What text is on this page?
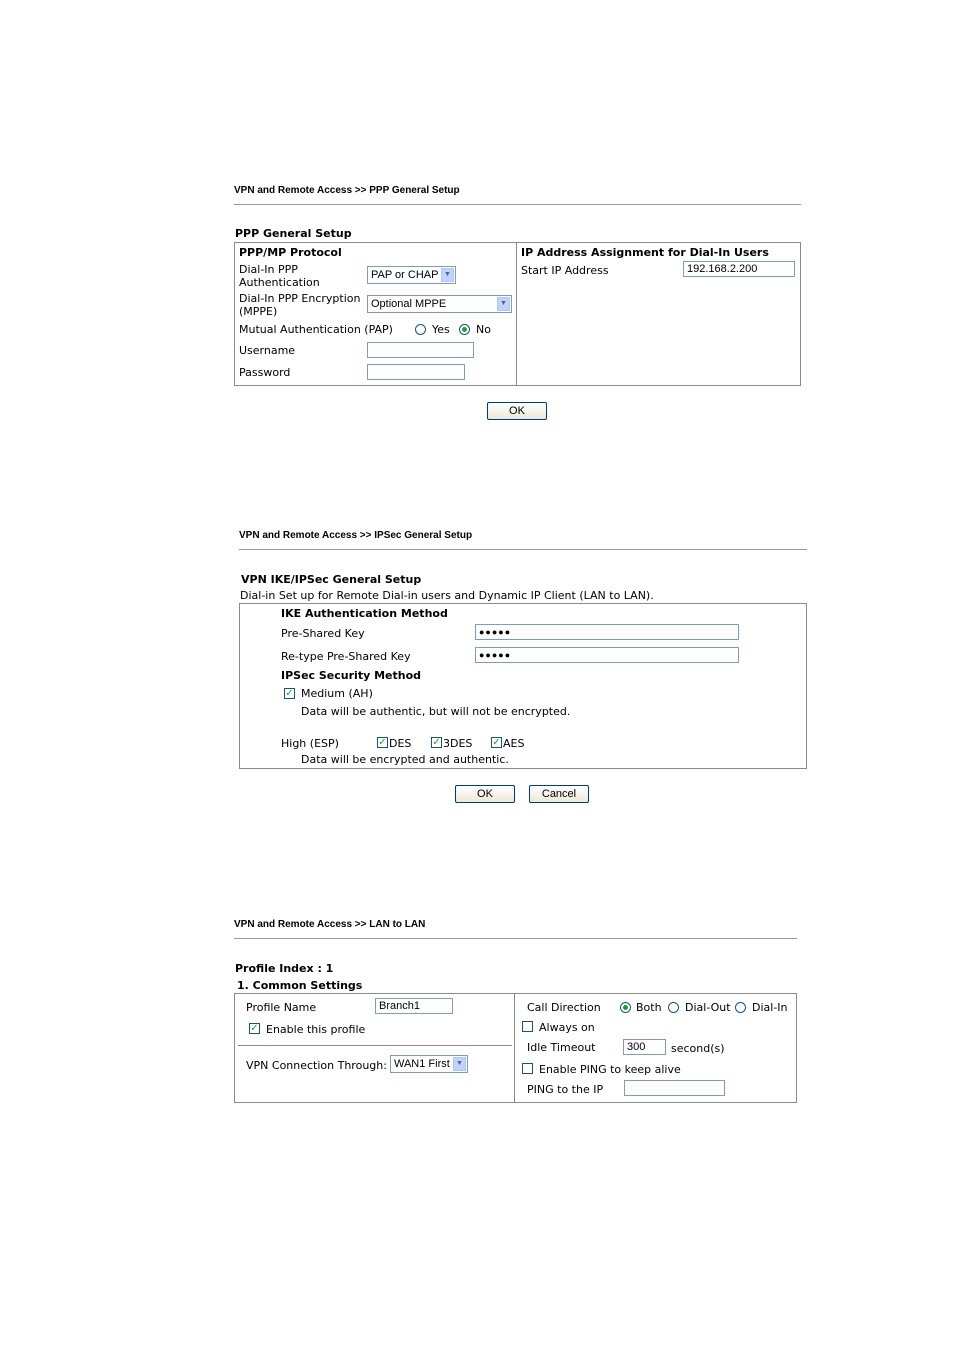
VPN and Remote Access >> PPP General Setup
PPP General Setup
PPP/MP Protocol
Dial-In PPP
Authentication
PAP or CHAP ▼
Dial-In PPP Encryption
(MPPE)
Optional MPPE	▼
Mutual Authentication (PAP)	Yes No
Username
Password
IP Address Assignment for Dial-In Users
Start IP Address	192.168.2.200
OK
VPN and Remote Access >> IPSec General Setup
VPN IKE/IPSec General Setup
Dial-in Set up for Remote Dial-in users and Dynamic IP Client (LAN to LAN).
IKE Authentication Method
Pre-Shared Key	●●●●●
Re-type Pre-Shared Key	●●●●●
IPSec Security Method
✓ Medium (AH)
Data will be authentic, but will not be encrypted.
High (ESP)	✓ DES ✓ 3DES ✓ AES
Data will be encrypted and authentic.
OK	Cancel
VPN and Remote Access >> LAN to LAN
Profile Index : 1
1. Common Settings
Profile Name	Branch1
✓ Enable this profile
VPN Connection Through: WAN1 First ▼
Call Direction	Both Dial-Out Dial-In
Always on
Idle Timeout	300	second(s)
Enable PING to keep alive
PING to the IP
